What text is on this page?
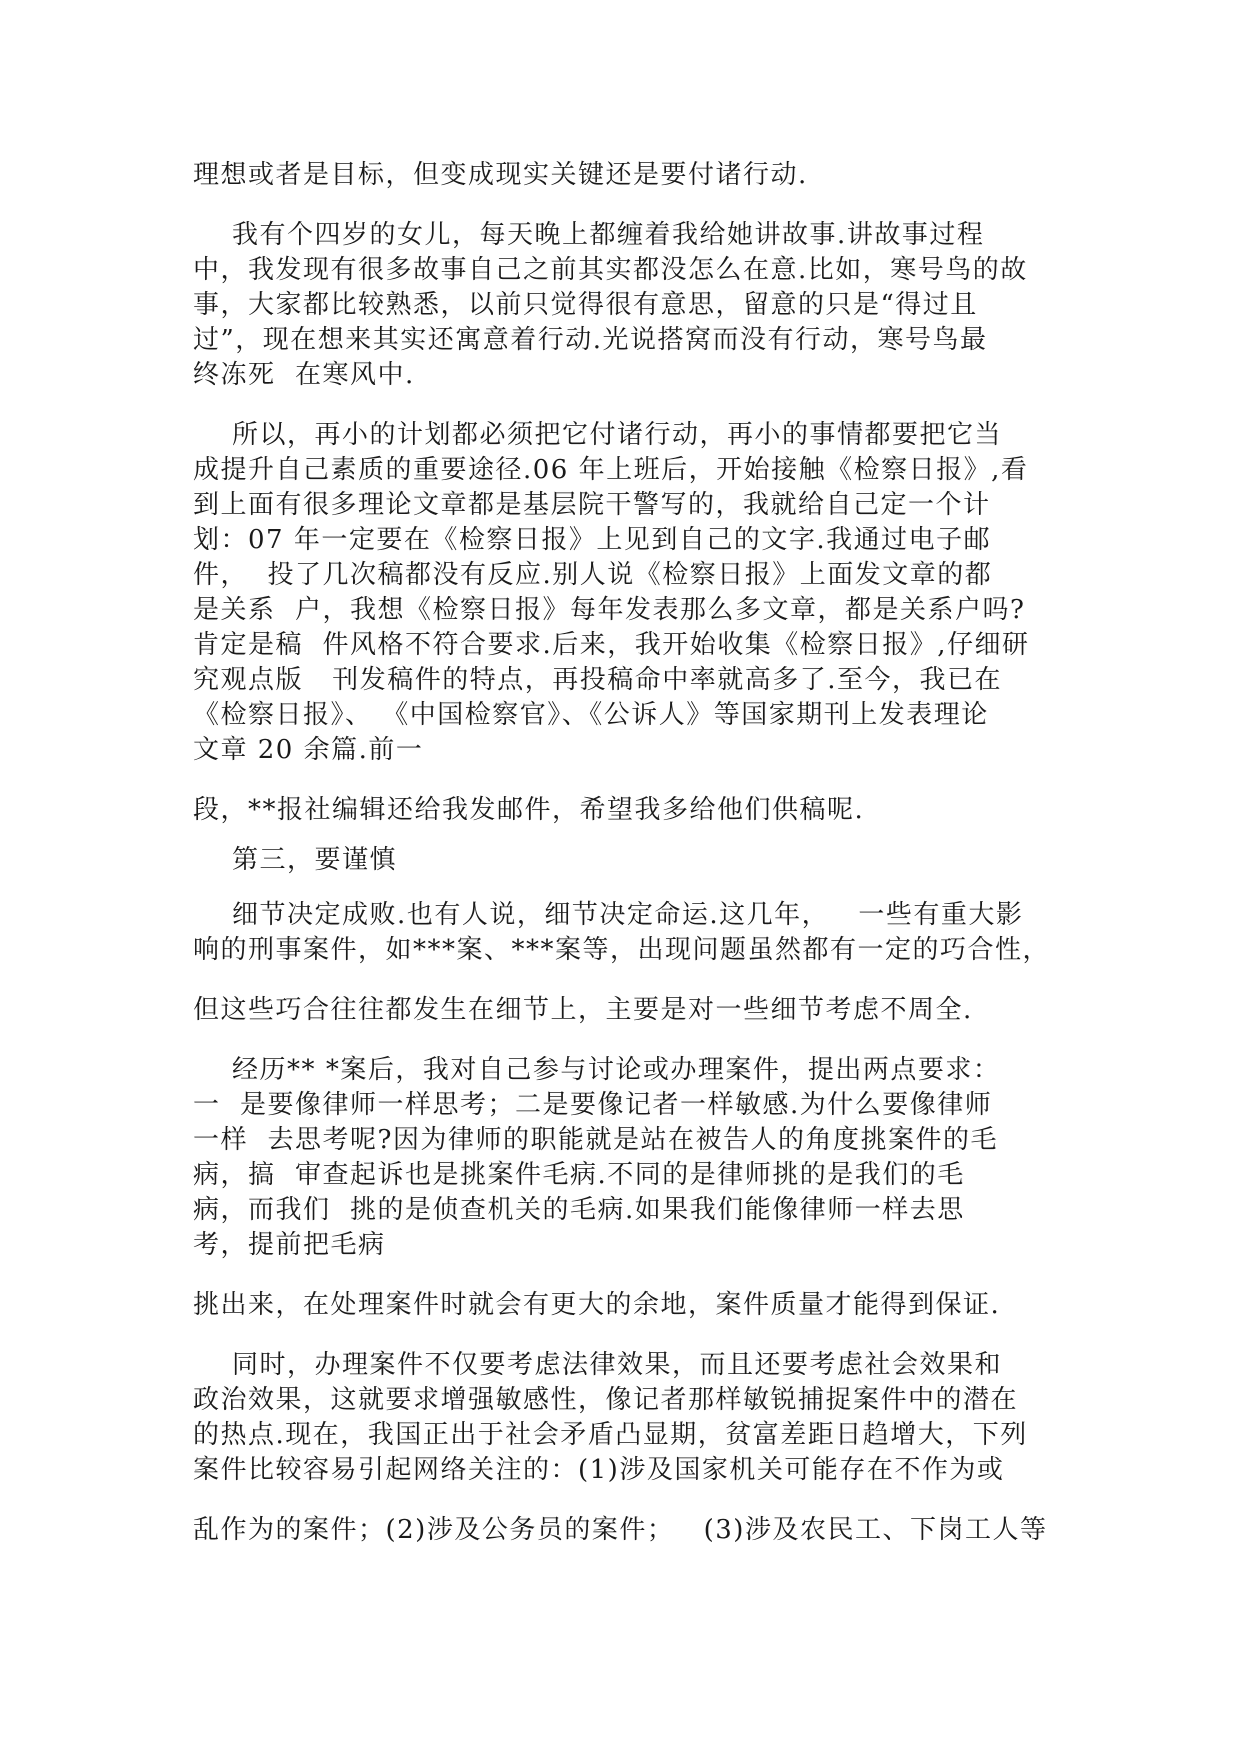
理想或者是目标，但变成现实关键还是要付诸行动.

我有个四岁的女儿，每天晚上都缠着我给她讲故事.讲故事过程

中，我发现有很多故事自己之前其实都没怎么在意.比如，寒号鸟的故

事，大家都比较熟悉，以前只觉得很有意思，留意的只是“得过且

过”，现在想来其实还寓意着行动.光说搭窝而没有行动，寒号鸟最

终冻死  在寒风中.

所以，再小的计划都必须把它付诸行动，再小的事情都要把它当

成提升自己素质的重要途径.06 年上班后，开始接触《检察日报》,看

到上面有很多理论文章都是基层院干警写的，我就给自己定一个计

划：07 年一定要在《检察日报》上见到自己的文字.我通过电子邮

件，  投了几次稿都没有反应.别人说《检察日报》上面发文章的都

是关系  户，我想《检察日报》每年发表那么多文章，都是关系户吗?

肯定是稿  件风格不符合要求.后来，我开始收集《检察日报》,仔细研

究观点版   刊发稿件的特点，再投稿命中率就高多了.至今，我已在

《检察日报》、 《中国检察官》、《公诉人》等国家期刊上发表理论

文章 20 余篇.前一

段，**报社编辑还给我发邮件，希望我多给他们供稿呢.

第三，要谨慎

细节决定成败.也有人说，细节决定命运.这几年，   一些有重大影

响的刑事案件，如***案、***案等，出现问题虽然都有一定的巧合性，

但这些巧合往往都发生在细节上，主要是对一些细节考虑不周全.

经历** *案后，我对自己参与讨论或办理案件，提出两点要求：

一  是要像律师一样思考；二是要像记者一样敏感.为什么要像律师

一样  去思考呢?因为律师的职能就是站在被告人的角度挑案件的毛

病，搞  审查起诉也是挑案件毛病.不同的是律师挑的是我们的毛

病，而我们  挑的是侦查机关的毛病.如果我们能像律师一样去思

考，提前把毛病

挑出来，在处理案件时就会有更大的余地，案件质量才能得到保证.

同时，办理案件不仅要考虑法律效果，而且还要考虑社会效果和

政治效果，这就要求增强敏感性，像记者那样敏锐捕捉案件中的潜在

的热点.现在，我国正出于社会矛盾凸显期，贫富差距日趋增大，下列

案件比较容易引起网络关注的：(1)涉及国家机关可能存在不作为或

乱作为的案件；(2)涉及公务员的案件；   (3)涉及农民工、下岗工人等
